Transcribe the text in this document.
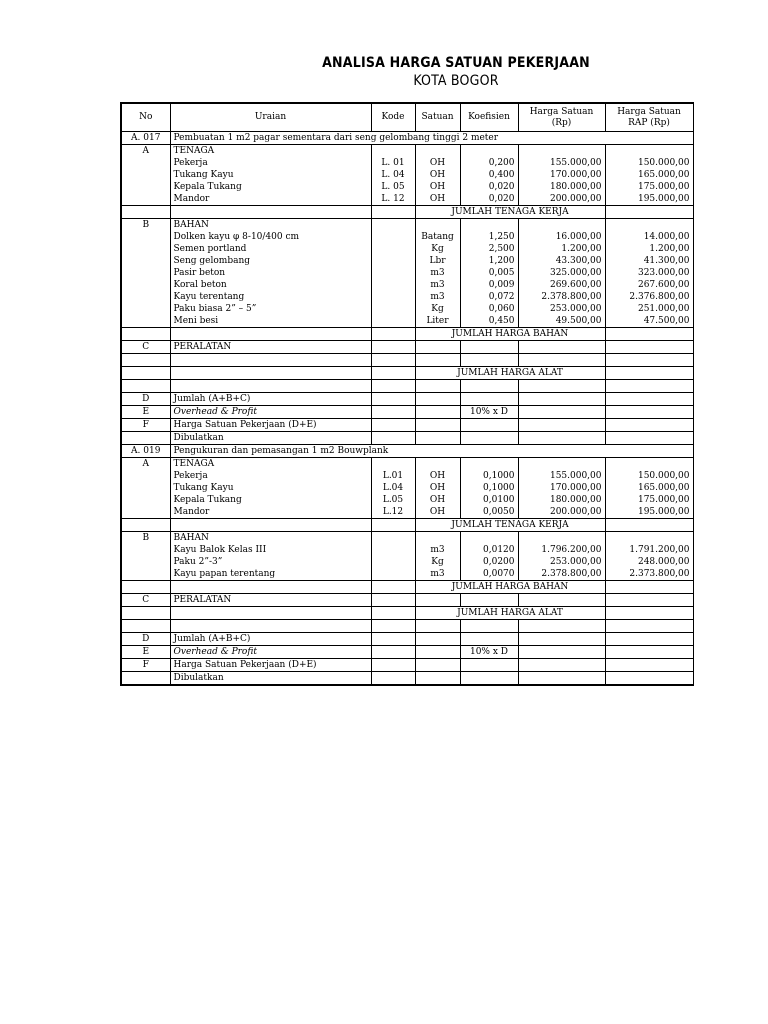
ANALISA HARGA SATUAN PEKERJAAN
KOTA BOGOR
No	Uraian	Kode	Satuan	Koefisien	Harga Satuan (Rp)	Harga Satuan RAP (Rp)
A. 017	Pembuatan 1 m2 pagar sementara dari seng gelombang tinggi 2 meter					
A	TENAGA					
	Pekerja	L. 01	OH	0,200	155.000,00	150.000,00
	Tukang Kayu	L. 04	OH	0,400	170.000,00	165.000,00
	Kepala Tukang	L. 05	OH	0,020	180.000,00	175.000,00
	Mandor	L. 12	OH	0,020	200.000,00	195.000,00
			JUMLAH TENAGA KERJA			
B	BAHAN					
	Dolken kayu φ 8-10/400 cm		Batang	1,250	16.000,00	14.000,00
	Semen portland		Kg	2,500	1.200,00	1.200,00
	Seng gelombang		Lbr	1,200	43.300,00	41.300,00
	Pasir beton		m3	0,005	325.000,00	323.000,00
	Koral beton		m3	0,009	269.600,00	267.600,00
	Kayu terentang		m3	0,072	2.378.800,00	2.376.800,00
	Paku biasa 2” – 5”		Kg	0,060	253.000,00	251.000,00
	Meni besi		Liter	0,450	49.500,00	47.500,00
			JUMLAH HARGA BAHAN			
C	PERALATAN					

			JUMLAH HARGA ALAT			

D	Jumlah (A+B+C)					
E	Overhead & Profit			10% x D		
F	Harga Satuan Pekerjaan (D+E)					
	Dibulatkan					
A. 019	Pengukuran dan pemasangan 1 m2 Bouwplank					
A	TENAGA					
	Pekerja	L.01	OH	0,1000	155.000,00	150.000,00
	Tukang Kayu	L.04	OH	0,1000	170.000,00	165.000,00
	Kepala Tukang	L.05	OH	0,0100	180.000,00	175.000,00
	Mandor	L.12	OH	0,0050	200.000,00	195.000,00
			JUMLAH TENAGA KERJA			
B	BAHAN					
	Kayu Balok Kelas III		m3	0,0120	1.796.200,00	1.791.200,00
	Paku 2”-3”		Kg	0,0200	253.000,00	248.000,00
	Kayu papan terentang		m3	0,0070	2.378.800,00	2.373.800,00
			JUMLAH HARGA BAHAN			
C	PERALATAN					
			JUMLAH HARGA ALAT			

D	Jumlah (A+B+C)					
E	Overhead & Profit			10% x D		
F	Harga Satuan Pekerjaan (D+E)					
	Dibulatkan					
